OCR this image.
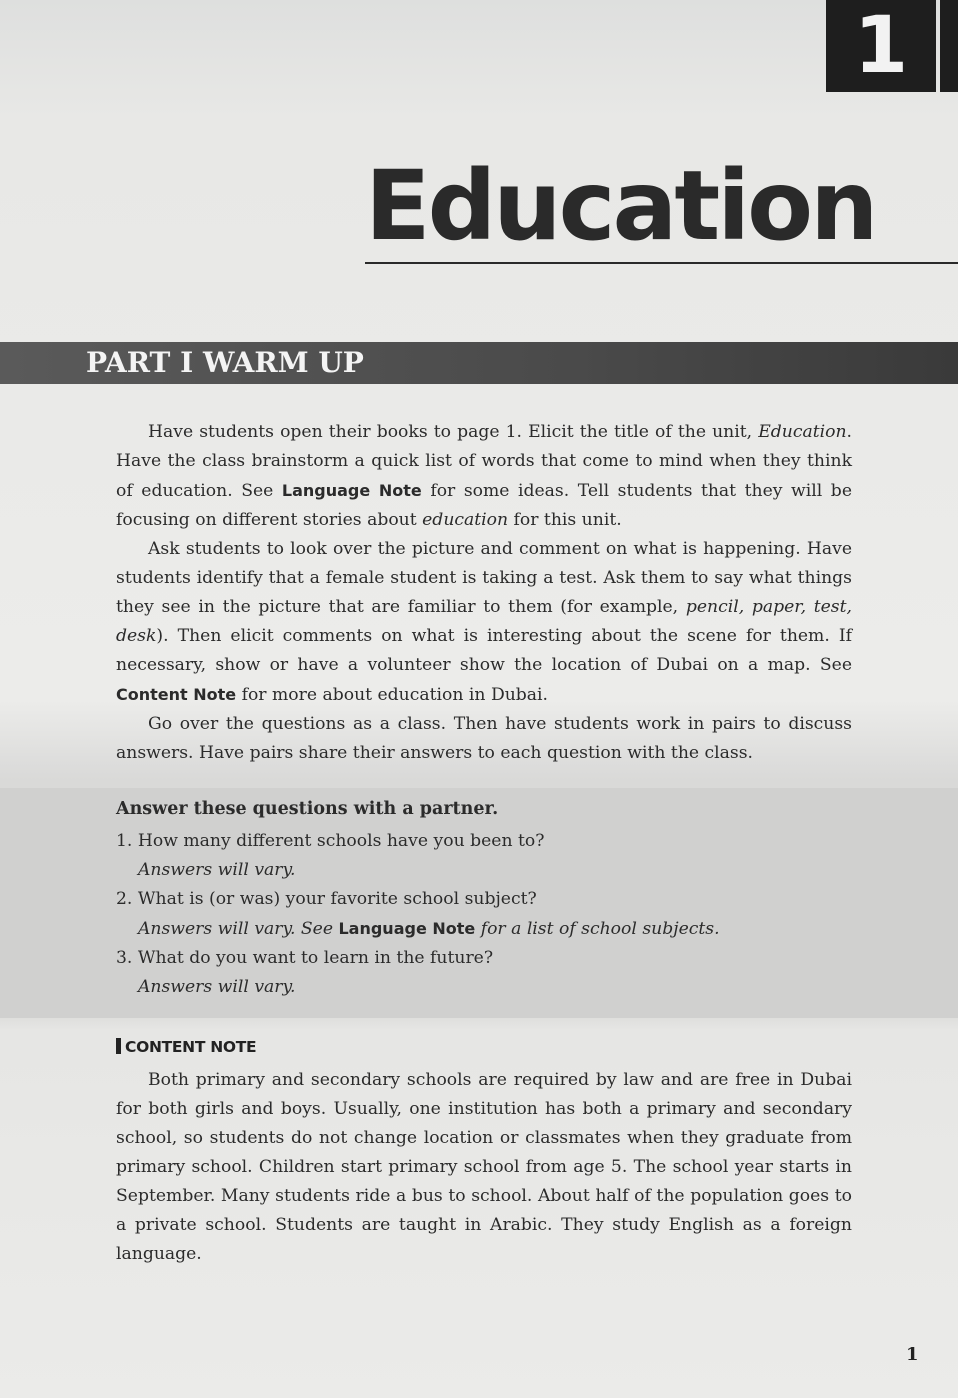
1
Education
PART I WARM UP

Have students open their books to page 1. Elicit the title of the unit, Education. Have the class brainstorm a quick list of words that come to mind when they think of education. See Language Note for some ideas. Tell students that they will be focusing on different stories about education for this unit.

Ask students to look over the picture and comment on what is happening. Have students identify that a female student is taking a test. Ask them to say what things they see in the picture that are familiar to them (for example, pencil, paper, test, desk). Then elicit comments on what is interesting about the scene for them. If necessary, show or have a volunteer show the location of Dubai on a map. See Content Note for more about education in Dubai.

Go over the questions as a class. Then have students work in pairs to discuss answers. Have pairs share their answers to each question with the class.

Answer these questions with a partner.
1. How many different schools have you been to?
Answers will vary.
2. What is (or was) your favorite school subject?
Answers will vary. See Language Note for a list of school subjects.
3. What do you want to learn in the future?
Answers will vary.
CONTENT NOTE

Both primary and secondary schools are required by law and are free in Dubai for both girls and boys. Usually, one institution has both a primary and secondary school, so students do not change location or classmates when they graduate from primary school. Children start primary school from age 5. The school year starts in September. Many students ride a bus to school. About half of the population goes to a private school. Students are taught in Arabic. They study English as a foreign language.

1
